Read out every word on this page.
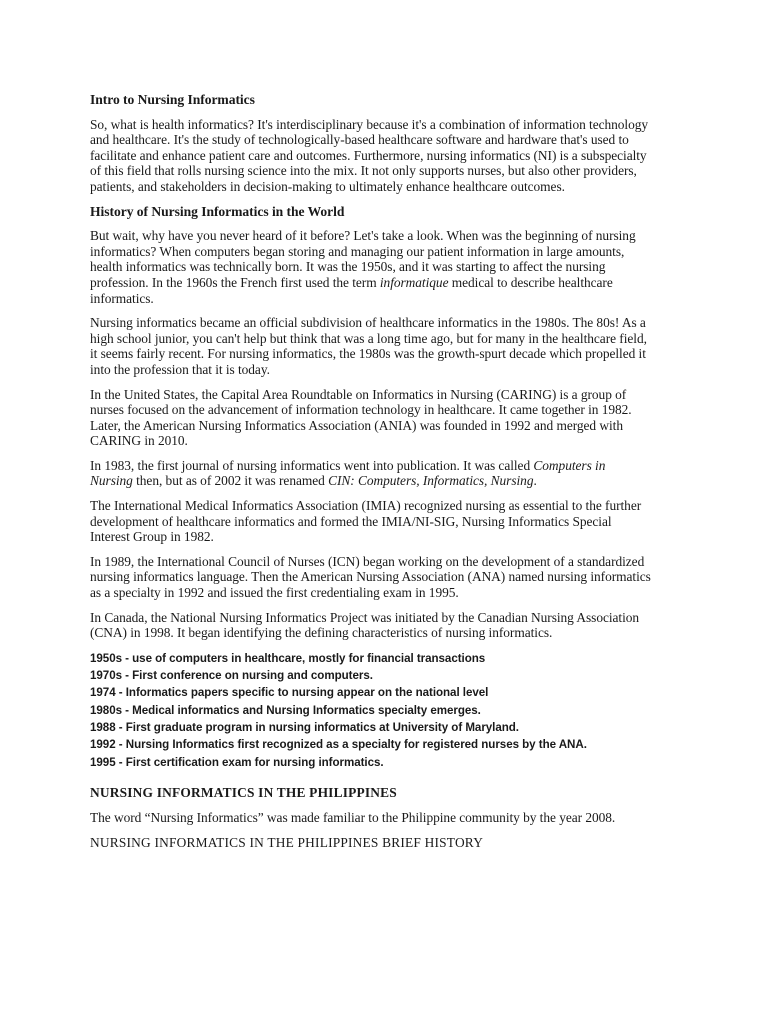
Intro to Nursing Informatics

So, what is health informatics? It's interdisciplinary because it's a combination of information technology
and healthcare. It's the study of technologically-based healthcare software and hardware that's used to
facilitate and enhance patient care and outcomes. Furthermore, nursing informatics (NI) is a subspecialty
of this field that rolls nursing science into the mix. It not only supports nurses, but also other providers,
patients, and stakeholders in decision-making to ultimately enhance healthcare outcomes.

History of Nursing Informatics in the World

But wait, why have you never heard of it before? Let's take a look. When was the beginning of nursing
informatics? When computers began storing and managing our patient information in large amounts,
health informatics was technically born. It was the 1950s, and it was starting to affect the nursing
profession. In the 1960s the French first used the term informatique medical to describe healthcare
informatics.

Nursing informatics became an official subdivision of healthcare informatics in the 1980s. The 80s! As a
high school junior, you can't help but think that was a long time ago, but for many in the healthcare field,
it seems fairly recent. For nursing informatics, the 1980s was the growth-spurt decade which propelled it
into the profession that it is today.

In the United States, the Capital Area Roundtable on Informatics in Nursing (CARING) is a group of
nurses focused on the advancement of information technology in healthcare. It came together in 1982.
Later, the American Nursing Informatics Association (ANIA) was founded in 1992 and merged with
CARING in 2010.

In 1983, the first journal of nursing informatics went into publication. It was called Computers in
Nursing then, but as of 2002 it was renamed CIN: Computers, Informatics, Nursing.

The International Medical Informatics Association (IMIA) recognized nursing as essential to the further
development of healthcare informatics and formed the IMIA/NI-SIG, Nursing Informatics Special
Interest Group in 1982.

In 1989, the International Council of Nurses (ICN) began working on the development of a standardized
nursing informatics language. Then the American Nursing Association (ANA) named nursing informatics
as a specialty in 1992 and issued the first credentialing exam in 1995.

In Canada, the National Nursing Informatics Project was initiated by the Canadian Nursing Association
(CNA) in 1998. It began identifying the defining characteristics of nursing informatics.

1950s - use of computers in healthcare, mostly for financial transactions
1970s - First conference on nursing and computers.
1974 - Informatics papers specific to nursing appear on the national level
1980s - Medical informatics and Nursing Informatics specialty emerges.
1988 - First graduate program in nursing informatics at University of Maryland.
1992 - Nursing Informatics first recognized as a specialty for registered nurses by the ANA.
1995 - First certification exam for nursing informatics.
NURSING INFORMATICS IN THE PHILIPPINES

The word “Nursing Informatics” was made familiar to the Philippine community by the year 2008.

NURSING INFORMATICS IN THE PHILIPPINES BRIEF HISTORY
